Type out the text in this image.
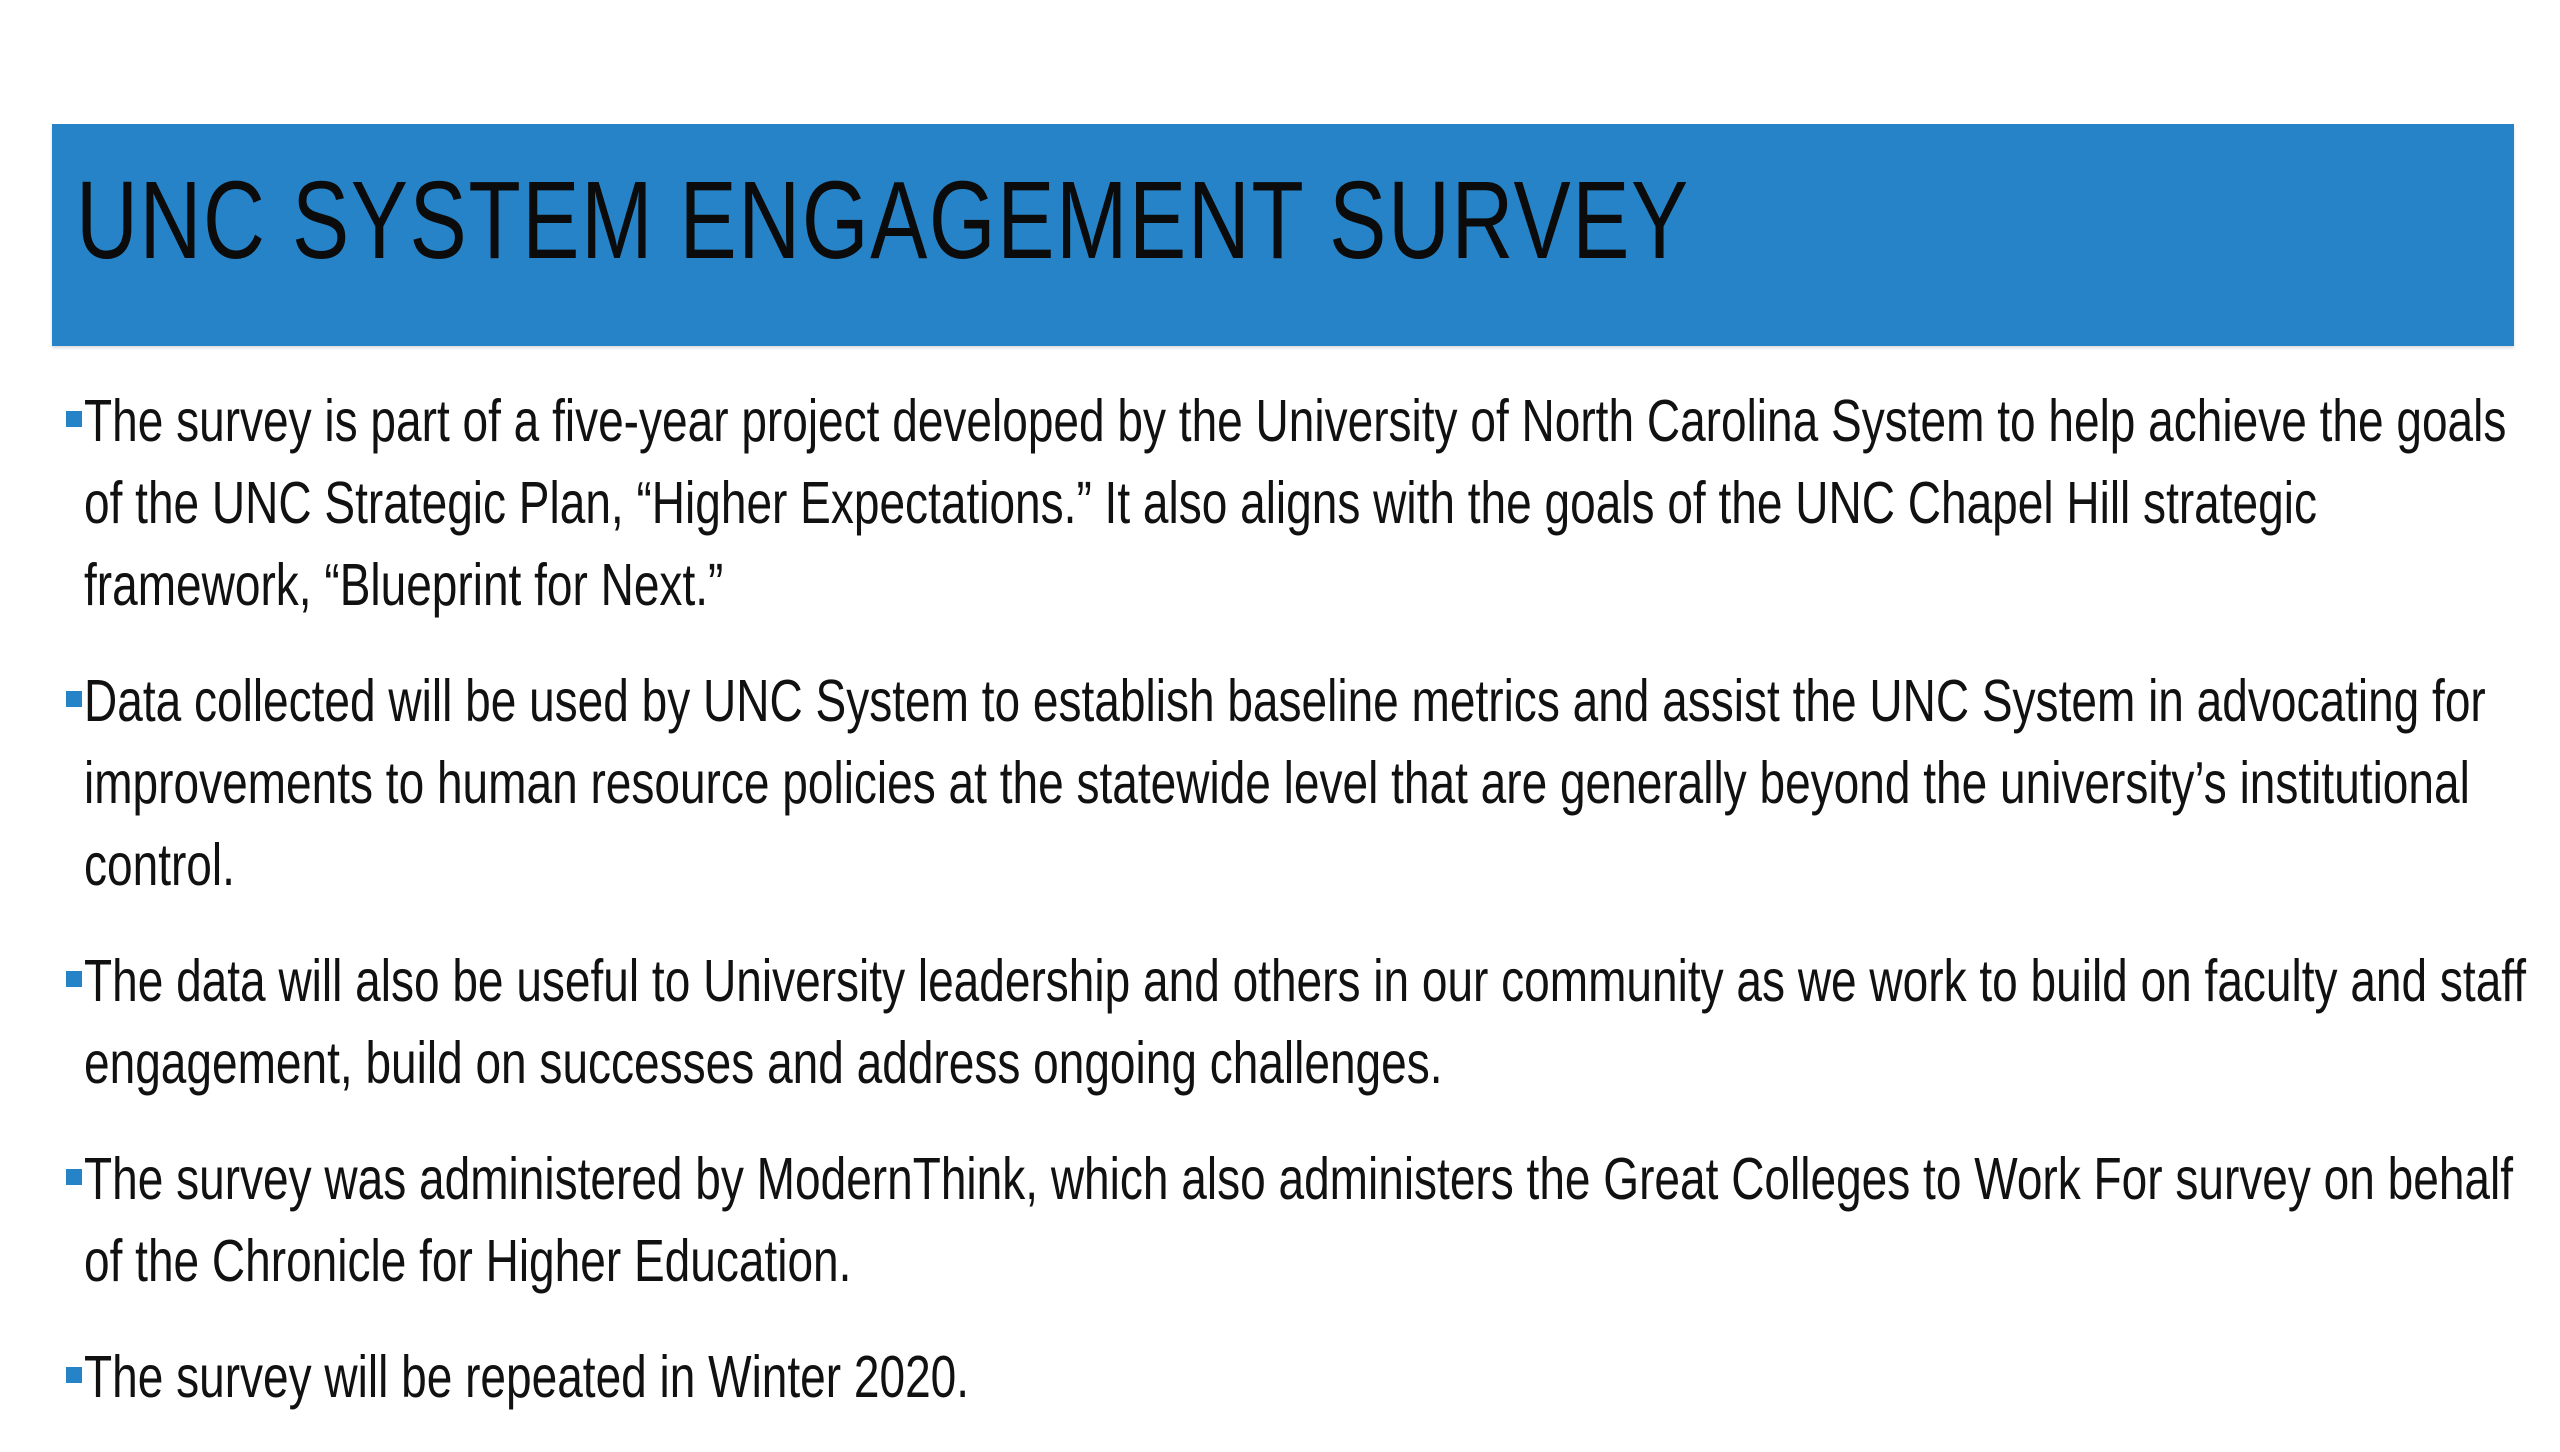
UNC SYSTEM ENGAGEMENT SURVEY
The survey is part of a five-year project developed by the University of North Carolina System to help achieve the goals of the UNC Strategic Plan, “Higher Expectations.” It also aligns with the goals of the UNC Chapel Hill strategic framework, “Blueprint for Next.”
Data collected will be used by UNC System to establish baseline metrics and assist the UNC System in advocating for improvements to human resource policies at the statewide level that are generally beyond the university’s institutional control.
The data will also be useful to University leadership and others in our community as we work to build on faculty and staff engagement, build on successes and address ongoing challenges.
The survey was administered by ModernThink, which also administers the Great Colleges to Work For survey on behalf of the Chronicle for Higher Education.
The survey will be repeated in Winter 2020.
